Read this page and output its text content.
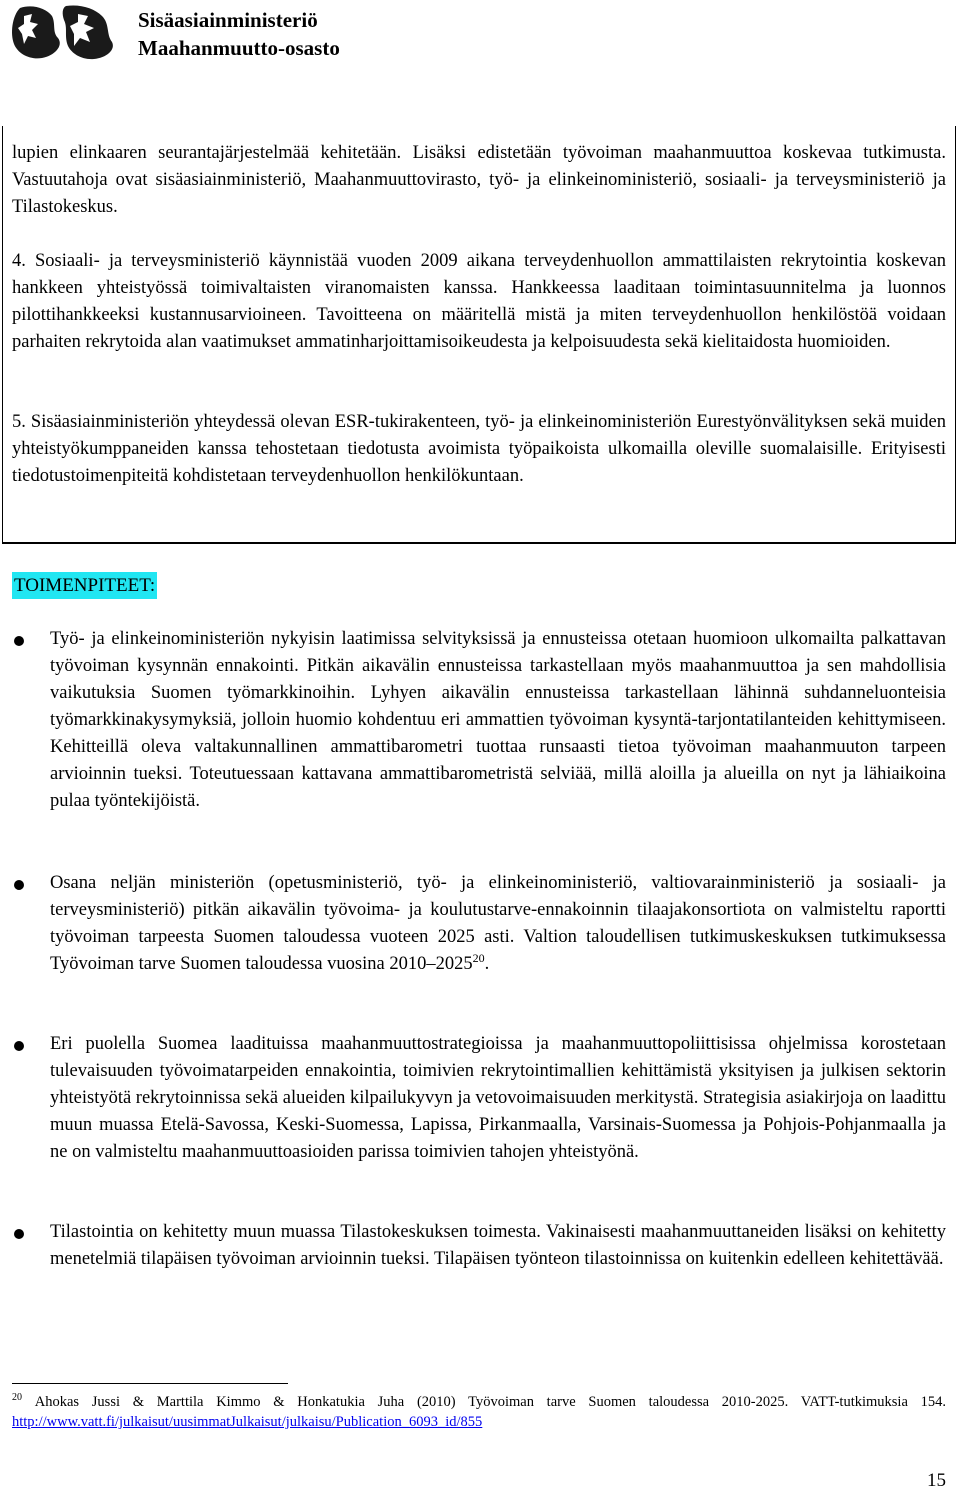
Sisäasiainministeriö
Maahanmuutto-osasto

lupien elinkaaren seurantajärjestelmää kehitetään. Lisäksi edistetään työvoiman maahanmuuttoa koskevaa tutkimusta. Vastuutahoja ovat sisäasiainministeriö, Maahanmuuttovirasto, työ- ja elinkeinoministeriö, sosiaali- ja terveysministeriö ja Tilastokeskus.

4. Sosiaali- ja terveysministeriö käynnistää vuoden 2009 aikana terveydenhuollon ammattilaisten rekrytointia koskevan hankkeen yhteistyössä toimivaltaisten viranomaisten kanssa. Hankkeessa laaditaan toimintasuunnitelma ja luonnos pilottihankkeeksi kustannusarvioineen. Tavoitteena on määritellä mistä ja miten terveydenhuollon henkilöstöä voidaan parhaiten rekrytoida alan vaatimukset ammatinharjoittamisoikeudesta ja kelpoisuudesta sekä kielitaidosta huomioiden.

5. Sisäasiainministeriön yhteydessä olevan ESR-tukirakenteen, työ- ja elinkeinoministeriön Eurestyönvälityksen sekä muiden yhteistyökumppaneiden kanssa tehostetaan tiedotusta avoimista työpaikoista ulkomailla oleville suomalaisille. Erityisesti tiedotustoimenpiteitä kohdistetaan terveydenhuollon henkilökuntaan.

TOIMENPITEET:

Työ- ja elinkeinoministeriön nykyisin laatimissa selvityksissä ja ennusteissa otetaan huomioon ulkomailta palkattavan työvoiman kysynnän ennakointi. Pitkän aikavälin ennusteissa tarkastellaan myös maahanmuuttoa ja sen mahdollisia vaikutuksia Suomen työmarkkinoihin. Lyhyen aikavälin ennusteissa tarkastellaan lähinnä suhdanneluonteisia työmarkkinakysymyksiä, jolloin huomio kohdentuu eri ammattien työvoiman kysyntä-tarjontatilanteiden kehittymiseen. Kehitteillä oleva valtakunnallinen ammattibarometri tuottaa runsaasti tietoa työvoiman maahanmuuton tarpeen arvioinnin tueksi. Toteutuessaan kattavana ammattibarometristä selviää, millä aloilla ja alueilla on nyt ja lähiaikoina pulaa työntekijöistä.

Osana neljän ministeriön (opetusministeriö, työ- ja elinkeinoministeriö, valtiovarainministeriö ja sosiaali- ja terveysministeriö) pitkän aikavälin työvoima- ja koulutustarve-ennakoinnin tilaajakonsortiota on valmisteltu raportti työvoiman tarpeesta Suomen taloudessa vuoteen 2025 asti. Valtion taloudellisen tutkimuskeskuksen tutkimuksessa Työvoiman tarve Suomen taloudessa vuosina 2010–2025$^{20}$.

Eri puolella Suomea laadituissa maahanmuuttostrategioissa ja maahanmuuttopoliittisissa ohjelmissa korostetaan tulevaisuuden työvoimatarpeiden ennakointia, toimivien rekrytointimallien kehittämistä yksityisen ja julkisen sektorin yhteistyötä rekrytoinnissa sekä alueiden kilpailukyvyn ja vetovoimaisuuden merkitystä. Strategisia asiakirjoja on laadittu muun muassa Etelä-Savossa, Keski-Suomessa, Lapissa, Pirkanmaalla, Varsinais-Suomessa ja Pohjois-Pohjanmaalla ja ne on valmisteltu maahanmuuttoasioiden parissa toimivien tahojen yhteistyönä.

Tilastointia on kehitetty muun muassa Tilastokeskuksen toimesta. Vakinaisesti maahanmuuttaneiden lisäksi on kehitetty menetelmiä tilapäisen työvoiman arvioinnin tueksi. Tilapäisen työnteon tilastoinnissa on kuitenkin edelleen kehitettävää.

$^{20}$ Ahokas Jussi & Marttila Kimmo & Honkatukia Juha (2010) Työvoiman tarve Suomen taloudessa 2010-2025. VATT-tutkimuksia 154. http://www.vatt.fi/julkaisut/uusimmatJulkaisut/julkaisu/Publication_6093_id/855

15
